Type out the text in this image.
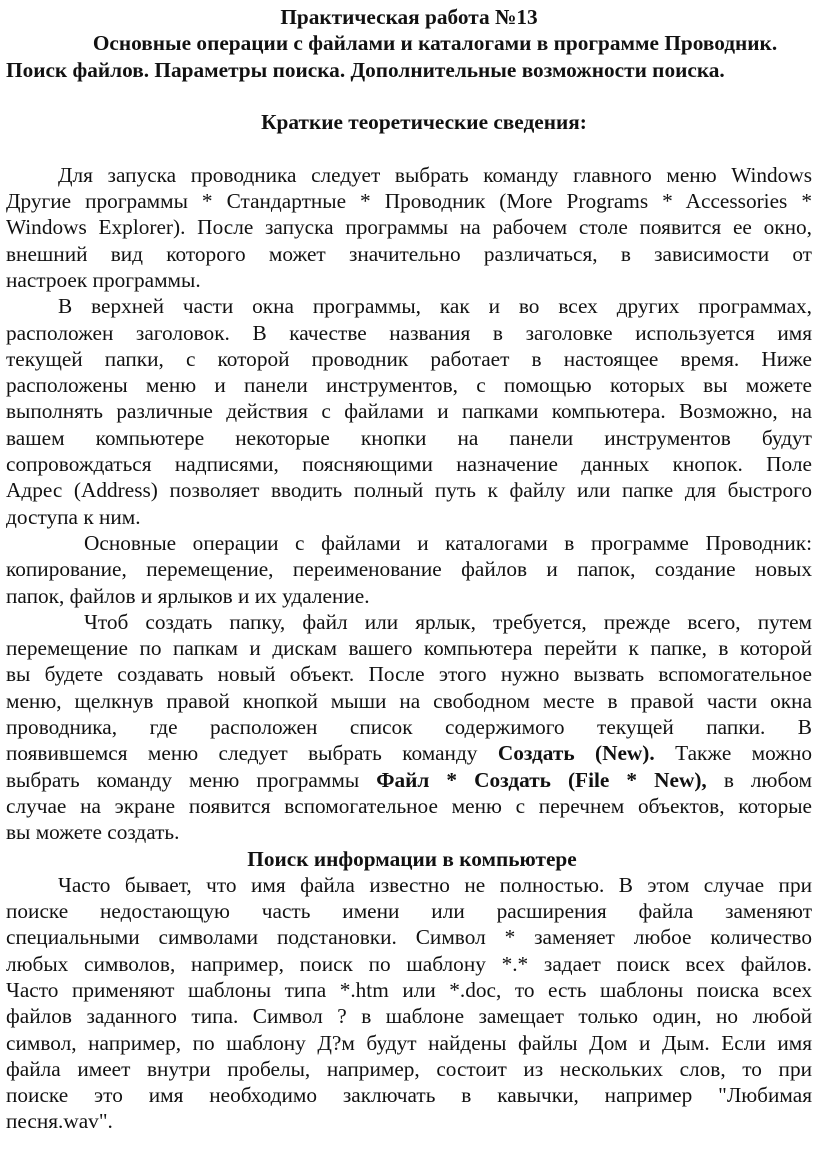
Практическая работа №13
Основные операции с файлами и каталогами в программе Проводник.
Поиск файлов. Параметры поиска. Дополнительные возможности поиска.
Краткие теоретические сведения:
Для запуска проводника следует выбрать команду главного меню Windows
Другие программы * Стандартные * Проводник (More Programs * Accessories *
Windows Explorer). После запуска программы на рабочем столе появится ее окно,
внешний вид которого может значительно различаться, в зависимости от
настроек программы.
В верхней части окна программы, как и во всех других программах,
расположен заголовок. В качестве названия в заголовке используется имя
текущей папки, с которой проводник работает в настоящее время. Ниже
расположены меню и панели инструментов, с помощью которых вы можете
выполнять различные действия с файлами и папками компьютера. Возможно, на
вашем компьютере некоторые кнопки на панели инструментов будут
сопровождаться надписями, поясняющими назначение данных кнопок. Поле
Адрес (Address) позволяет вводить полный путь к файлу или папке для быстрого
доступа к ним.
Основные операции с файлами и каталогами в программе Проводник:
копирование, перемещение, переименование файлов и папок, создание новых
папок, файлов и ярлыков и их удаление.
Чтоб создать папку, файл или ярлык, требуется, прежде всего, путем
перемещение по папкам и дискам вашего компьютера перейти к папке, в которой
вы будете создавать новый объект. После этого нужно вызвать вспомогательное
меню, щелкнув правой кнопкой мыши на свободном месте в правой части окна
проводника, где расположен список содержимого текущей папки. В
появившемся меню следует выбрать команду Создать (New). Также можно
выбрать команду меню программы Файл * Создать (File * New), в любом
случае на экране появится вспомогательное меню с перечнем объектов, которые
вы можете создать.
Поиск информации в компьютере
Часто бывает, что имя файла известно не полностью. В этом случае при
поиске недостающую часть имени или расширения файла заменяют
специальными символами подстановки. Символ * заменяет любое количество
любых символов, например, поиск по шаблону *.* задает поиск всех файлов.
Часто применяют шаблоны типа *.htm или *.doc, то есть шаблоны поиска всех
файлов заданного типа. Символ ? в шаблоне замещает только один, но любой
символ, например, по шаблону Д?м будут найдены файлы Дом и Дым. Если имя
файла имеет внутри пробелы, например, состоит из нескольких слов, то при
поиске это имя необходимо заключать в кавычки, например "Любимая
песня.wav".
